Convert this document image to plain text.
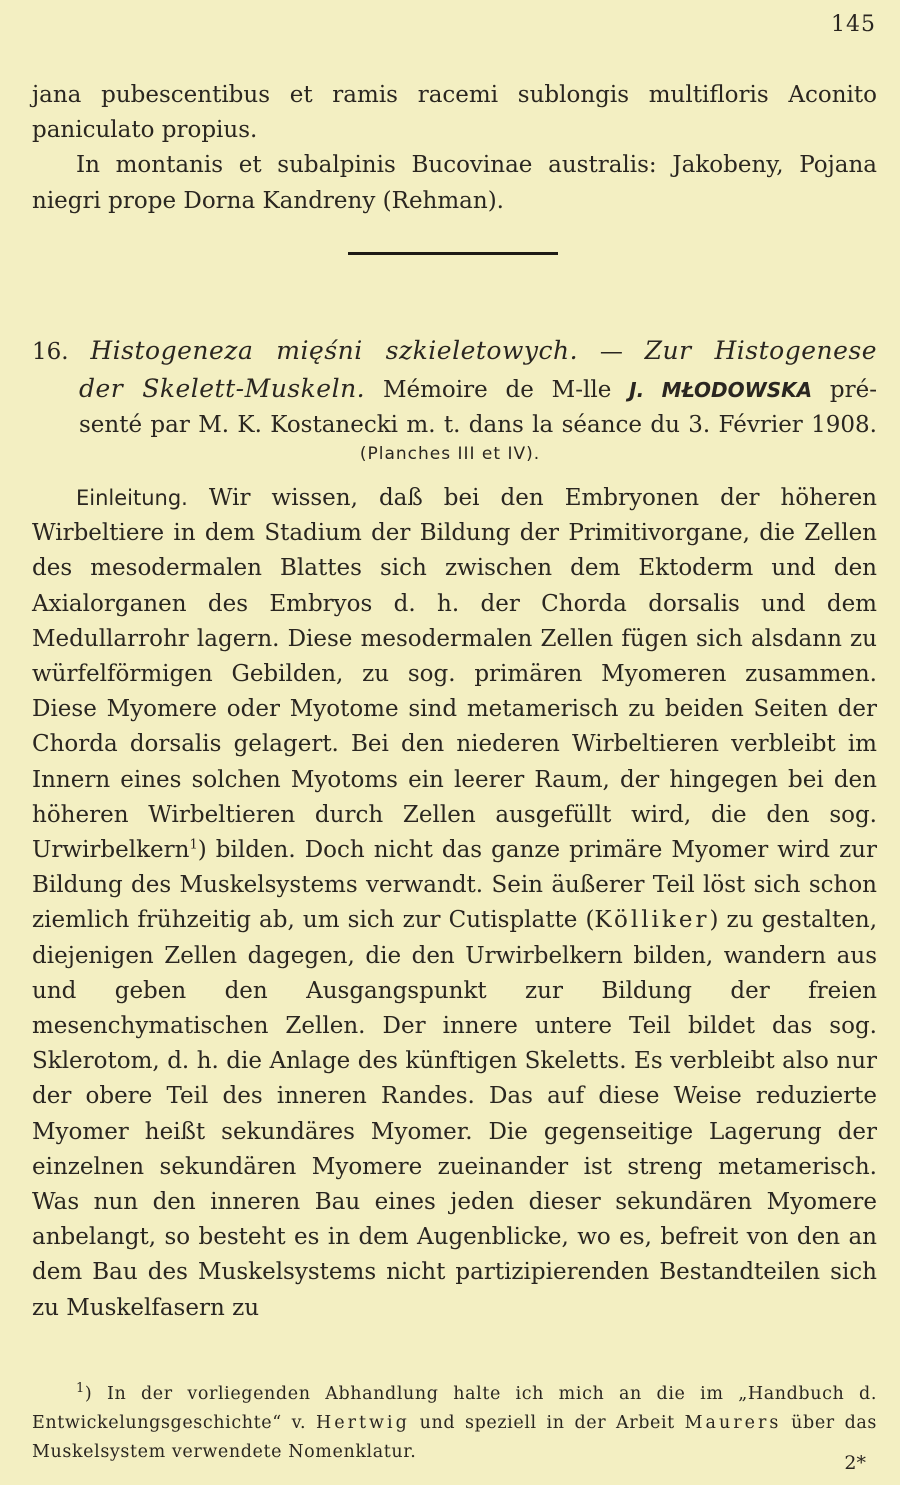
145

jana pubescentibus et ramis racemi sublongis multifloris Aconito paniculato propius.
In montanis et subalpinis Bucovinae australis: Jakobeny, Pojana niegri prope Dorna Kandreny (Rehman).

16. Histogeneza mięśni szkieletowych. — Zur Histogenese
der Skelett-Muskeln. Mémoire de M-lle J. MŁODOWSKA pré-
senté par M. K. Kostanecki m. t. dans la séance du 3. Février 1908.
(Planches III et IV).

Einleitung. Wir wissen, daß bei den Embryonen der höheren Wirbeltiere in dem Stadium der Bildung der Primitivorgane, die Zellen des mesodermalen Blattes sich zwischen dem Ektoderm und den Axialorganen des Embryos d. h. der Chorda dorsalis und dem Medullarrohr lagern. Diese mesodermalen Zellen fügen sich alsdann zu würfelförmigen Gebilden, zu sog. primären Myomeren zusammen. Diese Myomere oder Myotome sind metamerisch zu beiden Seiten der Chorda dorsalis gelagert. Bei den niederen Wirbeltieren verbleibt im Innern eines solchen Myotoms ein leerer Raum, der hingegen bei den höheren Wirbeltieren durch Zellen ausgefüllt wird, die den sog. Urwirbelkern$^1$) bilden. Doch nicht das ganze primäre Myomer wird zur Bildung des Muskelsystems verwandt. Sein äußerer Teil löst sich schon ziemlich frühzeitig ab, um sich zur Cutisplatte (Kölliker) zu gestalten, diejenigen Zellen dagegen, die den Urwirbelkern bilden, wandern aus und geben den Ausgangspunkt zur Bildung der freien mesenchymatischen Zellen. Der innere untere Teil bildet das sog. Sklerotom, d. h. die Anlage des künftigen Skeletts. Es verbleibt also nur der obere Teil des inneren Randes. Das auf diese Weise reduzierte Myomer heißt sekundäres Myomer. Die gegenseitige Lagerung der einzelnen sekundären Myomere zueinander ist streng metamerisch. Was nun den inneren Bau eines jeden dieser sekundären Myomere anbelangt, so besteht es in dem Augenblicke, wo es, befreit von den an dem Bau des Muskelsystems nicht partizipierenden Bestandteilen sich zu Muskelfasern zu

$^1$) In der vorliegenden Abhandlung halte ich mich an die im „Handbuch d. Entwickelungsgeschichte“ v. Hertwig und speziell in der Arbeit Maurers über das Muskelsystem verwendete Nomenklatur.

2*
